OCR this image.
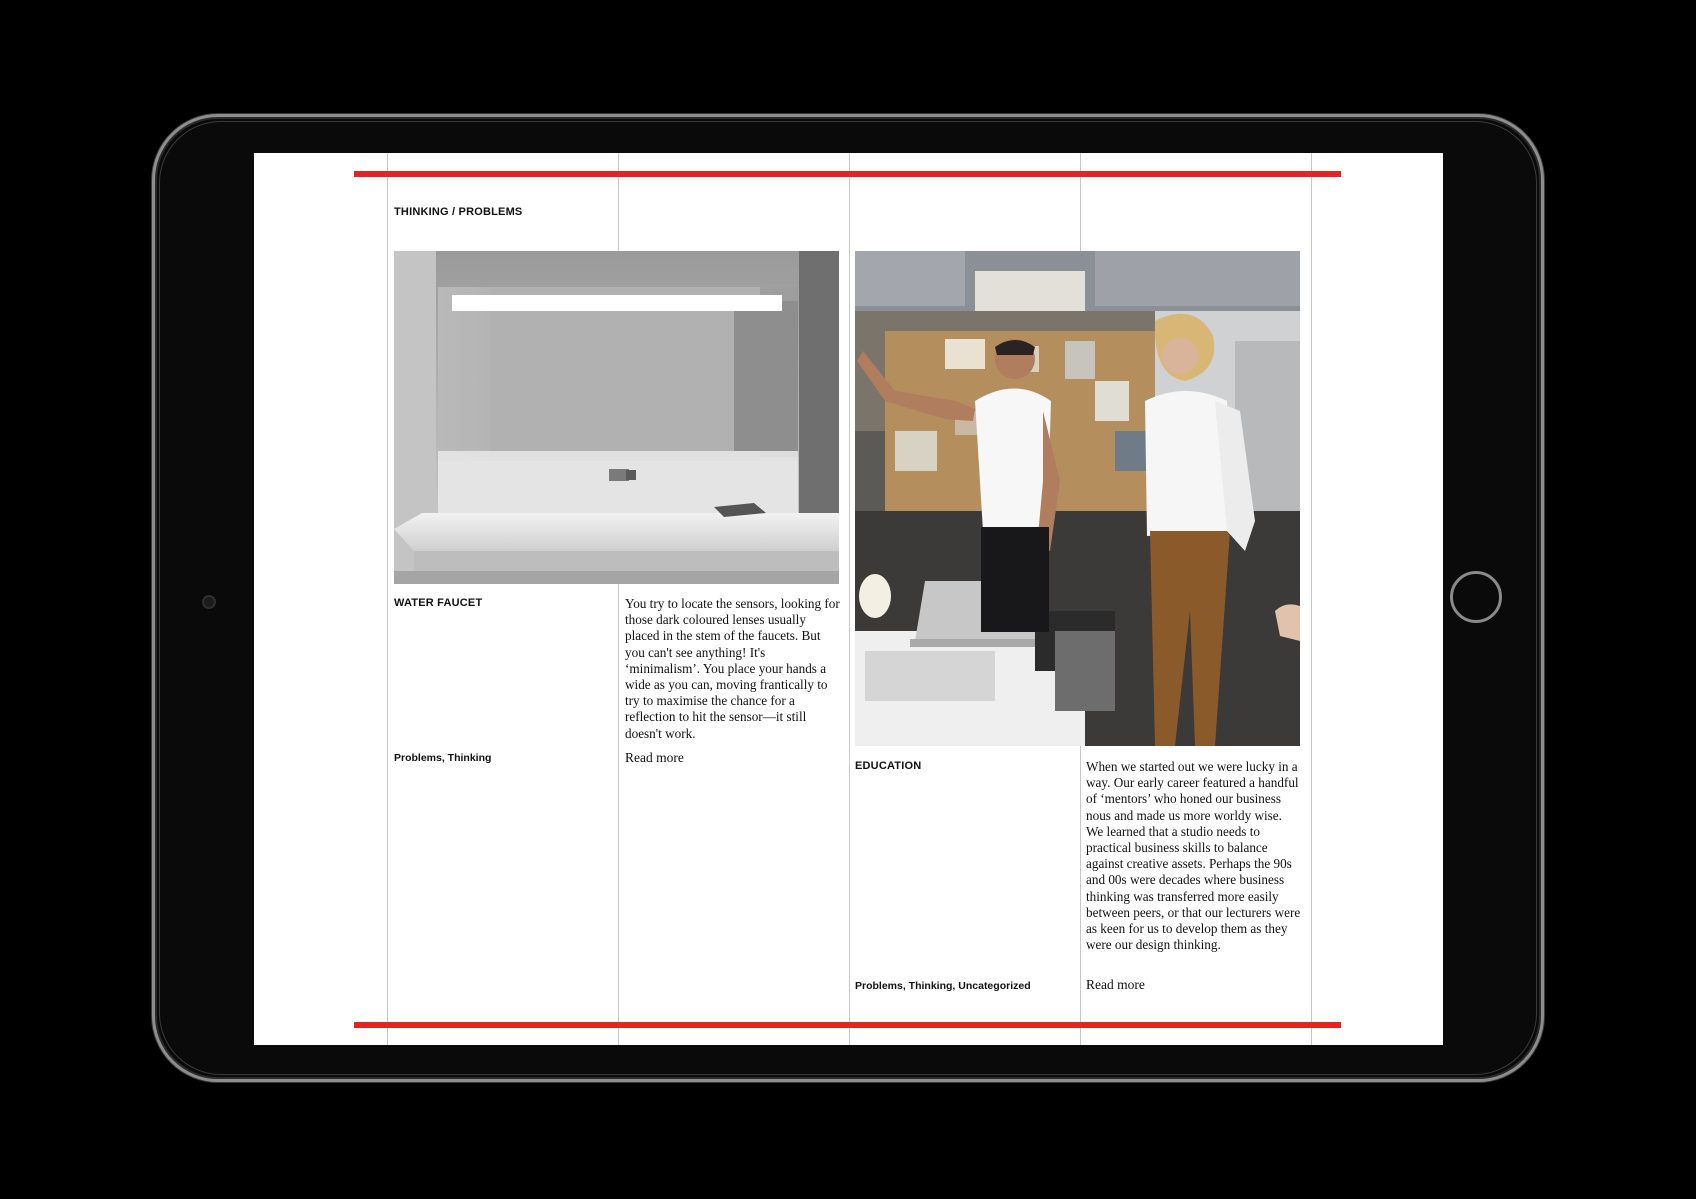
THINKING / PROBLEMS
WATER FAUCET	You try to locate the sensors, looking for those dark coloured lenses usually placed in the stem of the faucets. But you can't see anything! It's ‘minimalism’. You place your hands a wide as you can, moving frantically to try to maximise the chance for a reflection to hit the sensor—it still doesn't work.
Problems, Thinking	Read more
EDUCATION	When we started out we were lucky in a way. Our early career featured a handful of ‘mentors’ who honed our business nous and made us more worldy wise. We learned that a studio needs to practical business skills to balance against creative assets. Perhaps the 90s and 00s were decades where business thinking was transferred more easily between peers, or that our lecturers were as keen for us to develop them as they were our design thinking.
Problems, Thinking, Uncategorized	Read more
